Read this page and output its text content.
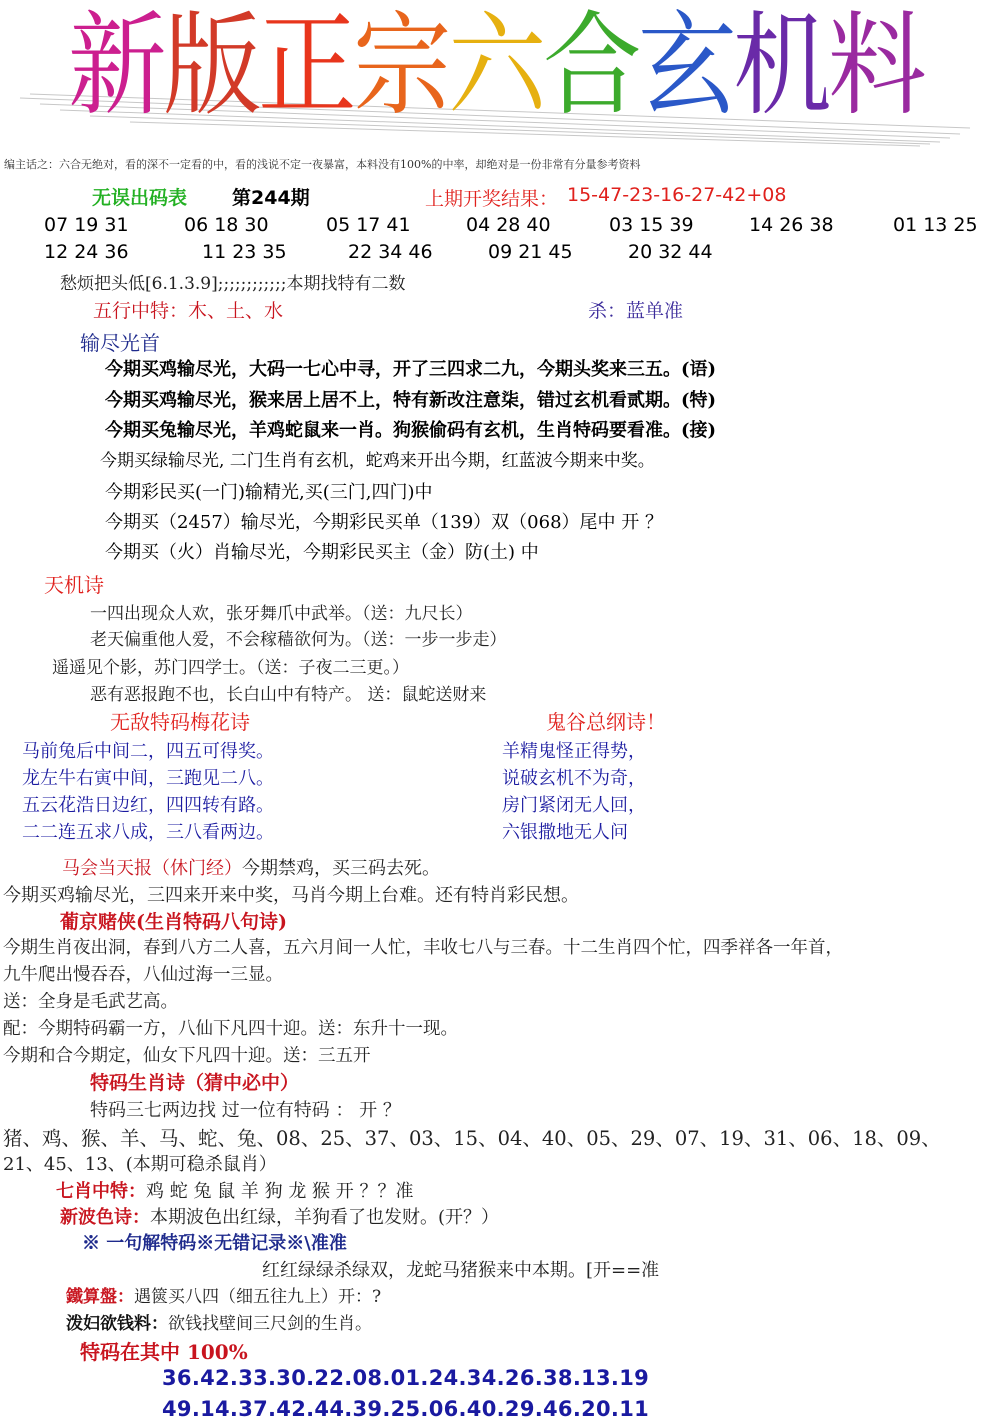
新
版
正
宗
六
合
玄
机
料
编主话之：六合无绝对，看的深不一定看的中，看的浅说不定一夜暴富，本料没有100%的中率，却绝对是一份非常有分量参考资料
无误出码表 第244期	上期开奖结果： 15-47-23-16-27-42+08
07 19 31	06 18 30	05 17 41	04 28 40	03 15 39	14 26 38	01 13 25
12 24 36	11 23 35	22 34 46	09 21 45	20 32 44
愁烦把头低[6.1.3.9];;;;;;;;;;;;本期找特有二数
五行中特：木、土、水	杀：蓝单准
输尽光首
今期买鸡输尽光，大码一七心中寻，开了三四求二九，今期头奖来三五。(语)
今期买鸡输尽光，猴来居上居不上，特有新改注意柒，错过玄机看贰期。(特)
今期买兔输尽光，羊鸡蛇鼠来一肖。狗猴偷码有玄机，生肖特码要看准。(接)
今期买绿输尽光, 二门生肖有玄机，蛇鸡来开出今期，红蓝波今期来中奖。
今期彩民买(一门)输精光,买(三门,四门)中
今期买（2457）输尽光，今期彩民买单（139）双（068）尾中 开 ？
今期买（火）肖输尽光，今期彩民买主（金）防(土) 中
天机诗
一四出现众人欢，张牙舞爪中武举。（送：九尺长）
老天偏重他人爱，不会稼穑欲何为。（送：一步一步走）
遥遥见个影，苏门四学士。（送：子夜二三更。）
恶有恶报跑不也，长白山中有特产。 送：鼠蛇送财来
无敌特码梅花诗	鬼谷总纲诗！
马前兔后中间二，四五可得奖。
龙左牛右寅中间，三跑见二八。
五云花浩日边红，四四转有路。
二二连五求八成，三八看两边。
羊精鬼怪正得势，
说破玄机不为奇，
房门紧闭无人回，
六银撒地无人问
马会当天报（休门经）今期禁鸡，买三码去死。
今期买鸡输尽光，三四来开来中奖，马肖今期上台难。还有特肖彩民想。
葡京赌侠(生肖特码八句诗)
今期生肖夜出洞，春到八方二人喜，五六月间一人忙，丰收七八与三春。十二生肖四个忙，四季祥各一年首，
九牛爬出慢吞吞，八仙过海一三显。
送：全身是毛武艺高。
配：今期特码霸一方，八仙下凡四十迎。送：东升十一现。
今期和合今期定，仙女下凡四十迎。送：三五开
特码生肖诗（猜中必中）
特码三七两边找 过一位有特码 ： 开 ？
猪、鸡、猴、羊、马、蛇、兔、08、25、37、03、15、04、40、05、29、07、19、31、06、18、09、
21、45、13、(本期可稳杀鼠肖）
七肖中特：鸡 蛇 兔 鼠 羊 狗 龙 猴 开 ？？准
新波色诗：本期波色出红绿，羊狗看了也发财。(开？）
※ 一句解特码※无错记录※\准准
红红绿绿杀绿双，龙蛇马猪猴来中本期。[开==准
鐵算盤：遇篋买八四（细五往九上）开：?
泼妇欲钱料：欲钱找壁间三尺剑的生肖。
特码在其中 100%
36.42.33.30.22.08.01.24.34.26.38.13.19
49.14.37.42.44.39.25.06.40.29.46.20.11
